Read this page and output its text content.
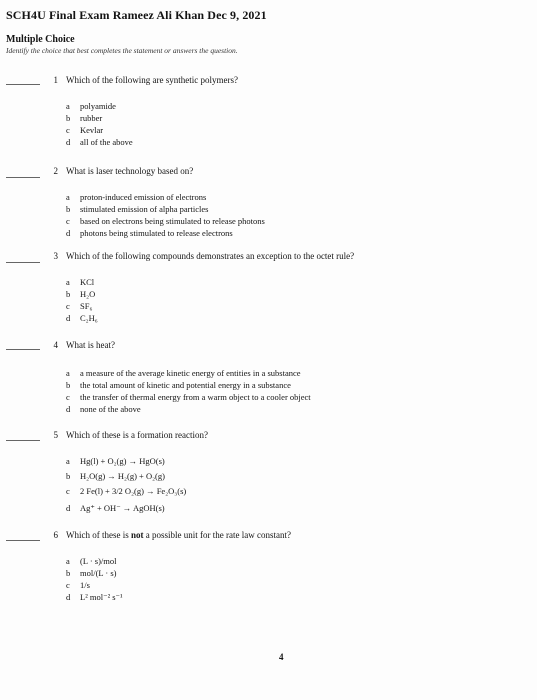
SCH4U Final Exam Rameez Ali Khan Dec 9, 2021
Multiple Choice
Identify the choice that best completes the statement or answers the question.
1 Which of the following are synthetic polymers?
a polyamide
b rubber
c Kevlar
d all of the above
2 What is laser technology based on?
a proton-induced emission of electrons
b stimulated emission of alpha particles
c based on electrons being stimulated to release photons
d photons being stimulated to release electrons
3 Which of the following compounds demonstrates an exception to the octet rule?
a KCl
b H₂O
c SF₆
d C₂H₆
4 What is heat?
a a measure of the average kinetic energy of entities in a substance
b the total amount of kinetic and potential energy in a substance
c the transfer of thermal energy from a warm object to a cooler object
d none of the above
5 Which of these is a formation reaction?
a Hg(l) + O₂(g) → HgO(s)
b H₂O(g) → H₂(g) + O₂(g)
c 2 Fe(l) + 3/2 O₂(g) → Fe₂O₃(s)
d Ag⁺ + OH⁻ → AgOH(s)
6 Which of these is not a possible unit for the rate law constant?
a (L · s)/mol
b mol/(L · s)
c 1/s
d L² mol⁻² s⁻¹
4
